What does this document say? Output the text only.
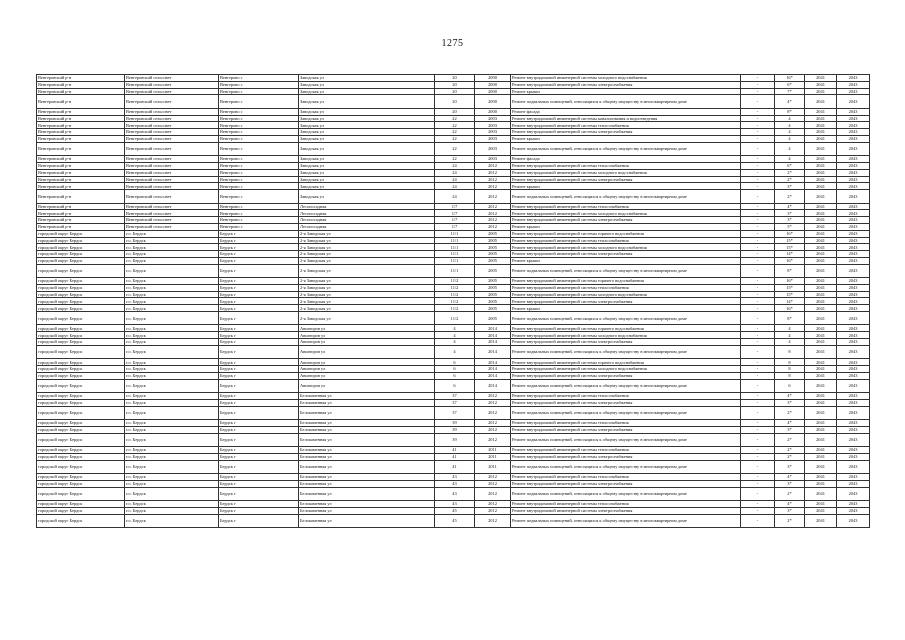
1275
Венгеровский р-н	Венгеровский сельсовет	Венгерово с	Заводская ул	20	2000	Ремонт внутридомовой инженерной системы холодного водоснабжения	-	16*	2041	2043
Венгеровский р-н	Венгеровский сельсовет	Венгерово с	Заводская ул	20	2000	Ремонт внутридомовой инженерной системы электроснабжения	-	6*	2041	2043
Венгеровский р-н	Венгеровский сельсовет	Венгерово с	Заводская ул	20	2000	Ремонт крыши	-	7*	2041	2043
Венгеровский р-н	Венгеровский сельсовет	Венгерово с	Заводская ул	20	2000	Ремонт подвальных помещений, относящихся к общему имуществу в многоквартирном доме	-	4*	2041	2043
Венгеровский р-н	Венгеровский сельсовет	Венгерово с	Заводская ул	20	2000	Ремонт фасада	-	8*	2041	2043
Венгеровский р-н	Венгеровский сельсовет	Венгерово с	Заводская ул	22	2003	Ремонт внутридомовой инженерной системы канализования и водоотведения	-	4	2041	2043
Венгеровский р-н	Венгеровский сельсовет	Венгерово с	Заводская ул	22	2003	Ремонт внутридомовой инженерной системы теплоснабжения	-	4	2041	2043
Венгеровский р-н	Венгеровский сельсовет	Венгерово с	Заводская ул	22	2003	Ремонт внутридомовой инженерной системы электроснабжения	-	4	2041	2043
Венгеровский р-н	Венгеровский сельсовет	Венгерово с	Заводская ул	22	2003	Ремонт крыши	-	4	2041	2043
Венгеровский р-н	Венгеровский сельсовет	Венгерово с	Заводская ул	22	2003	Ремонт подвальных помещений, относящихся к общему имуществу в многоквартирном доме	-	4	2041	2043
Венгеровский р-н	Венгеровский сельсовет	Венгерово с	Заводская ул	22	2003	Ремонт фасада	-	4	2041	2043
Венгеровский р-н	Венгеровский сельсовет	Венгерово с	Заводская ул	24	2012	Ремонт внутридомовой инженерной системы теплоснабжения	-	6*	2041	2043
Венгеровский р-н	Венгеровский сельсовет	Венгерово с	Заводская ул	24	2012	Ремонт внутридомовой инженерной системы холодного водоснабжения	-	2*	2041	2043
Венгеровский р-н	Венгеровский сельсовет	Венгерово с	Заводская ул	24	2012	Ремонт внутридомовой инженерной системы электроснабжения	-	2*	2041	2043
Венгеровский р-н	Венгеровский сельсовет	Венгерово с	Заводская ул	24	2012	Ремонт крыши	-	3*	2041	2043
Венгеровский р-н	Венгеровский сельсовет	Венгерово с	Заводская ул	24	2012	Ремонт подвальных помещений, относящихся к общему имуществу в многоквартирном доме	-	2*	2041	2043
Венгеровский р-н	Венгеровский сельсовет	Венгерово с	Лесопосадная	1/7	2012	Ремонт внутридомовой инженерной системы теплоснабжения	-	4*	2041	2043
Венгеровский р-н	Венгеровский сельсовет	Венгерово с	Лесопосадная	1/7	2012	Ремонт внутридомовой инженерной системы холодного водоснабжения	-	3*	2041	2043
Венгеровский р-н	Венгеровский сельсовет	Венгерово с	Лесопосадная	1/7	2012	Ремонт внутридомовой инженерной системы электроснабжения	-	3*	2041	2043
Венгеровский р-н	Венгеровский сельсовет	Венгерово с	Лесопосадная	1/7	2012	Ремонт крыши	-	5*	2041	2043
городской округ Бердск	г.о. Бердск	Бердск г	2-я Заводская ул	11/1	2005	Ремонт внутридомовой инженерной системы горячего водоснабжения	-	16*	2041	2043
городской округ Бердск	г.о. Бердск	Бердск г	2-я Заводская ул	11/1	2005	Ремонт внутридомовой инженерной системы теплоснабжения	-	15*	2041	2043
городской округ Бердск	г.о. Бердск	Бердск г	2-я Заводская ул	11/1	2005	Ремонт внутридомовой инженерной системы холодного водоснабжения	-	15*	2041	2043
городской округ Бердск	г.о. Бердск	Бердск г	2-я Заводская ул	11/1	2005	Ремонт внутридомовой инженерной системы электроснабжения	-	14*	2041	2043
городской округ Бердск	г.о. Бердск	Бердск г	2-я Заводская ул	11/1	2005	Ремонт крыши	-	16*	2041	2043
городской округ Бердск	г.о. Бердск	Бердск г	2-я Заводская ул	11/1	2005	Ремонт подвальных помещений, относящихся к общему имуществу в многоквартирном доме	-	8*	2041	2043
городской округ Бердск	г.о. Бердск	Бердск г	2-я Заводская ул	11/2	2005	Ремонт внутридомовой инженерной системы горячего водоснабжения	-	16*	2041	2043
городской округ Бердск	г.о. Бердск	Бердск г	2-я Заводская ул	11/2	2005	Ремонт внутридомовой инженерной системы теплоснабжения	-	15*	2041	2043
городской округ Бердск	г.о. Бердск	Бердск г	2-я Заводская ул	11/2	2005	Ремонт внутридомовой инженерной системы холодного водоснабжения	-	15*	2041	2043
городской округ Бердск	г.о. Бердск	Бердск г	2-я Заводская ул	11/2	2005	Ремонт внутридомовой инженерной системы электроснабжения	-	14*	2041	2043
городской округ Бердск	г.о. Бердск	Бердск г	2-я Заводская ул	11/2	2005	Ремонт крыши	-	16*	2041	2043
городской округ Бердск	г.о. Бердск	Бердск г	2-я Заводская ул	11/2	2005	Ремонт подвальных помещений, относящихся к общему имуществу в многоквартирном доме	-	8*	2041	2043
городской округ Бердск	г.о. Бердск	Бердск г	Авиаторов ул	4	2014	Ремонт внутридомовой инженерной системы горячего водоснабжения	-	4	2041	2043
городской округ Бердск	г.о. Бердск	Бердск г	Авиаторов ул	4	2014	Ремонт внутридомовой инженерной системы холодного водоснабжения	-	4	2041	2043
городской округ Бердск	г.о. Бердск	Бердск г	Авиаторов ул	4	2014	Ремонт внутридомовой инженерной системы электроснабжения	-	4	2041	2043
городской округ Бердск	г.о. Бердск	Бердск г	Авиаторов ул	4	2014	Ремонт подвальных помещений, относящихся к общему имуществу в многоквартирном доме	-	8	2041	2043
городской округ Бердск	г.о. Бердск	Бердск г	Авиаторов ул	6	2014	Ремонт внутридомовой инженерной системы горячего водоснабжения	-	8	2041	2043
городской округ Бердск	г.о. Бердск	Бердск г	Авиаторов ул	6	2014	Ремонт внутридомовой инженерной системы холодного водоснабжения	-	8	2041	2043
городской округ Бердск	г.о. Бердск	Бердск г	Авиаторов ул	6	2014	Ремонт внутридомовой инженерной системы электроснабжения	-	8	2041	2043
городской округ Бердск	г.о. Бердск	Бердск г	Авиаторов ул	6	2014	Ремонт подвальных помещений, относящихся к общему имуществу в многоквартирном доме	-	6	2041	2043
городской округ Бердск	г.о. Бердск	Бердск г	Белокаменная ул	37	2012	Ремонт внутридомовой инженерной системы теплоснабжения	-	4*	2041	2043
городской округ Бердск	г.о. Бердск	Бердск г	Белокаменная ул	37	2012	Ремонт внутридомовой инженерной системы электроснабжения	-	3*	2041	2043
городской округ Бердск	г.о. Бердск	Бердск г	Белокаменная ул	37	2012	Ремонт подвальных помещений, относящихся к общему имуществу в многоквартирном доме	-	2*	2041	2043
городской округ Бердск	г.о. Бердск	Бердск г	Белокаменная ул	39	2012	Ремонт внутридомовой инженерной системы теплоснабжения	-	4*	2041	2043
городской округ Бердск	г.о. Бердск	Бердск г	Белокаменная ул	39	2012	Ремонт внутридомовой инженерной системы электроснабжения	-	3*	2041	2043
городской округ Бердск	г.о. Бердск	Бердск г	Белокаменная ул	39	2012	Ремонт подвальных помещений, относящихся к общему имуществу в многоквартирном доме	-	2*	2041	2043
городской округ Бердск	г.о. Бердск	Бердск г	Белокаменная ул	41	2011	Ремонт внутридомовой инженерной системы теплоснабжения	-	2*	2041	2043
городской округ Бердск	г.о. Бердск	Бердск г	Белокаменная ул	41	2011	Ремонт внутридомовой инженерной системы электроснабжения	-	2*	2041	2043
городской округ Бердск	г.о. Бердск	Бердск г	Белокаменная ул	41	2011	Ремонт подвальных помещений, относящихся к общему имуществу в многоквартирном доме	-	3*	2041	2043
городской округ Бердск	г.о. Бердск	Бердск г	Белокаменная ул	43	2012	Ремонт внутридомовой инженерной системы теплоснабжения	-	4*	2041	2043
городской округ Бердск	г.о. Бердск	Бердск г	Белокаменная ул	43	2012	Ремонт внутридомовой инженерной системы электроснабжения	-	3*	2041	2043
городской округ Бердск	г.о. Бердск	Бердск г	Белокаменная ул	43	2012	Ремонт подвальных помещений, относящихся к общему имуществу в многоквартирном доме	-	2*	2041	2043
городской округ Бердск	г.о. Бердск	Бердск г	Белокаменная ул	43	2012	Ремонт внутридомовой инженерной системы теплоснабжения	-	4*	2041	2043
городской округ Бердск	г.о. Бердск	Бердск г	Белокаменная ул	45	2012	Ремонт внутридомовой инженерной системы электроснабжения	-	3*	2041	2043
городской округ Бердск	г.о. Бердск	Бердск г	Белокаменная ул	45	2012	Ремонт подвальных помещений, относящихся к общему имуществу в многоквартирном доме	-	2*	2041	2043
